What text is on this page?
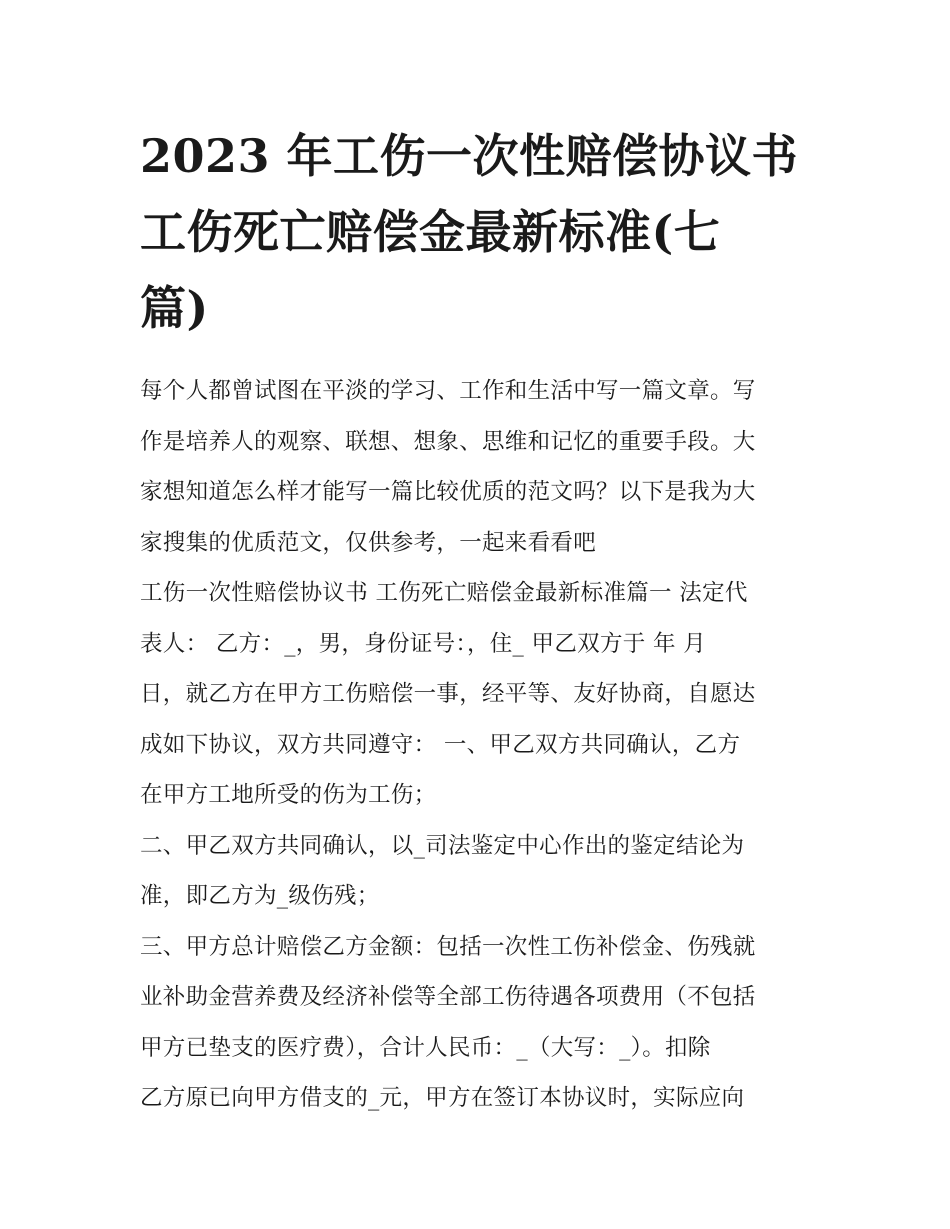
2023 年工伤一次性赔偿协议书
工伤死亡赔偿金最新标准(七
篇)

每个人都曾试图在平淡的学习、工作和生活中写一篇文章。写
作是培养人的观察、联想、想象、思维和记忆的重要手段。大
家想知道怎么样才能写一篇比较优质的范文吗？以下是我为大
家搜集的优质范文，仅供参考，一起来看看吧

工伤一次性赔偿协议书 工伤死亡赔偿金最新标准篇一 法定代
表人： 乙方：_，男，身份证号：，住_ 甲乙双方于 年 月
日，就乙方在甲方工伤赔偿一事，经平等、友好协商，自愿达
成如下协议，双方共同遵守： 一、甲乙双方共同确认，乙方
在甲方工地所受的伤为工伤；

二、甲乙双方共同确认，以_司法鉴定中心作出的鉴定结论为
准，即乙方为_级伤残；

三、甲方总计赔偿乙方金额：包括一次性工伤补偿金、伤残就
业补助金营养费及经济补偿等全部工伤待遇各项费用（不包括
甲方已垫支的医疗费），合计人民币：_（大写：_）。扣除
乙方原已向甲方借支的_元，甲方在签订本协议时，实际应向
